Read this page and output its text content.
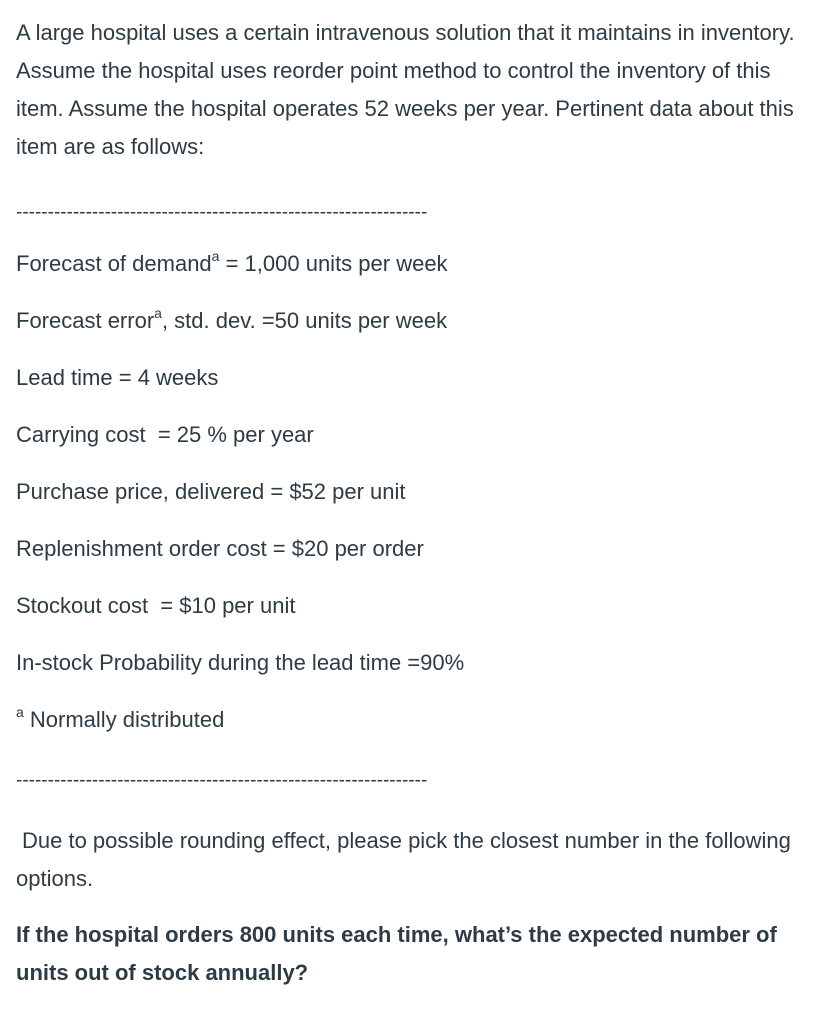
A large hospital uses a certain intravenous solution that it maintains in inventory. Assume the hospital uses reorder point method to control the inventory of this item. Assume the hospital operates 52 weeks per year. Pertinent data about this item are as follows:

-----------------------------------------------------------------
Forecast of demand$^a$ = 1,000 units per week
Forecast error$^a$ , std. dev. =50 units per week
Lead time = 4 weeks
Carrying cost  = 25 % per year
Purchase price, delivered = $52 per unit
Replenishment order cost = $20 per order
Stockout cost  = $10 per unit
In-stock Probability during the lead time =90%
$^a$ Normally distributed
-----------------------------------------------------------------

Due to possible rounding effect, please pick the closest number in the following options.

If the hospital orders 800 units each time, what’s the expected number of units out of stock annually?
